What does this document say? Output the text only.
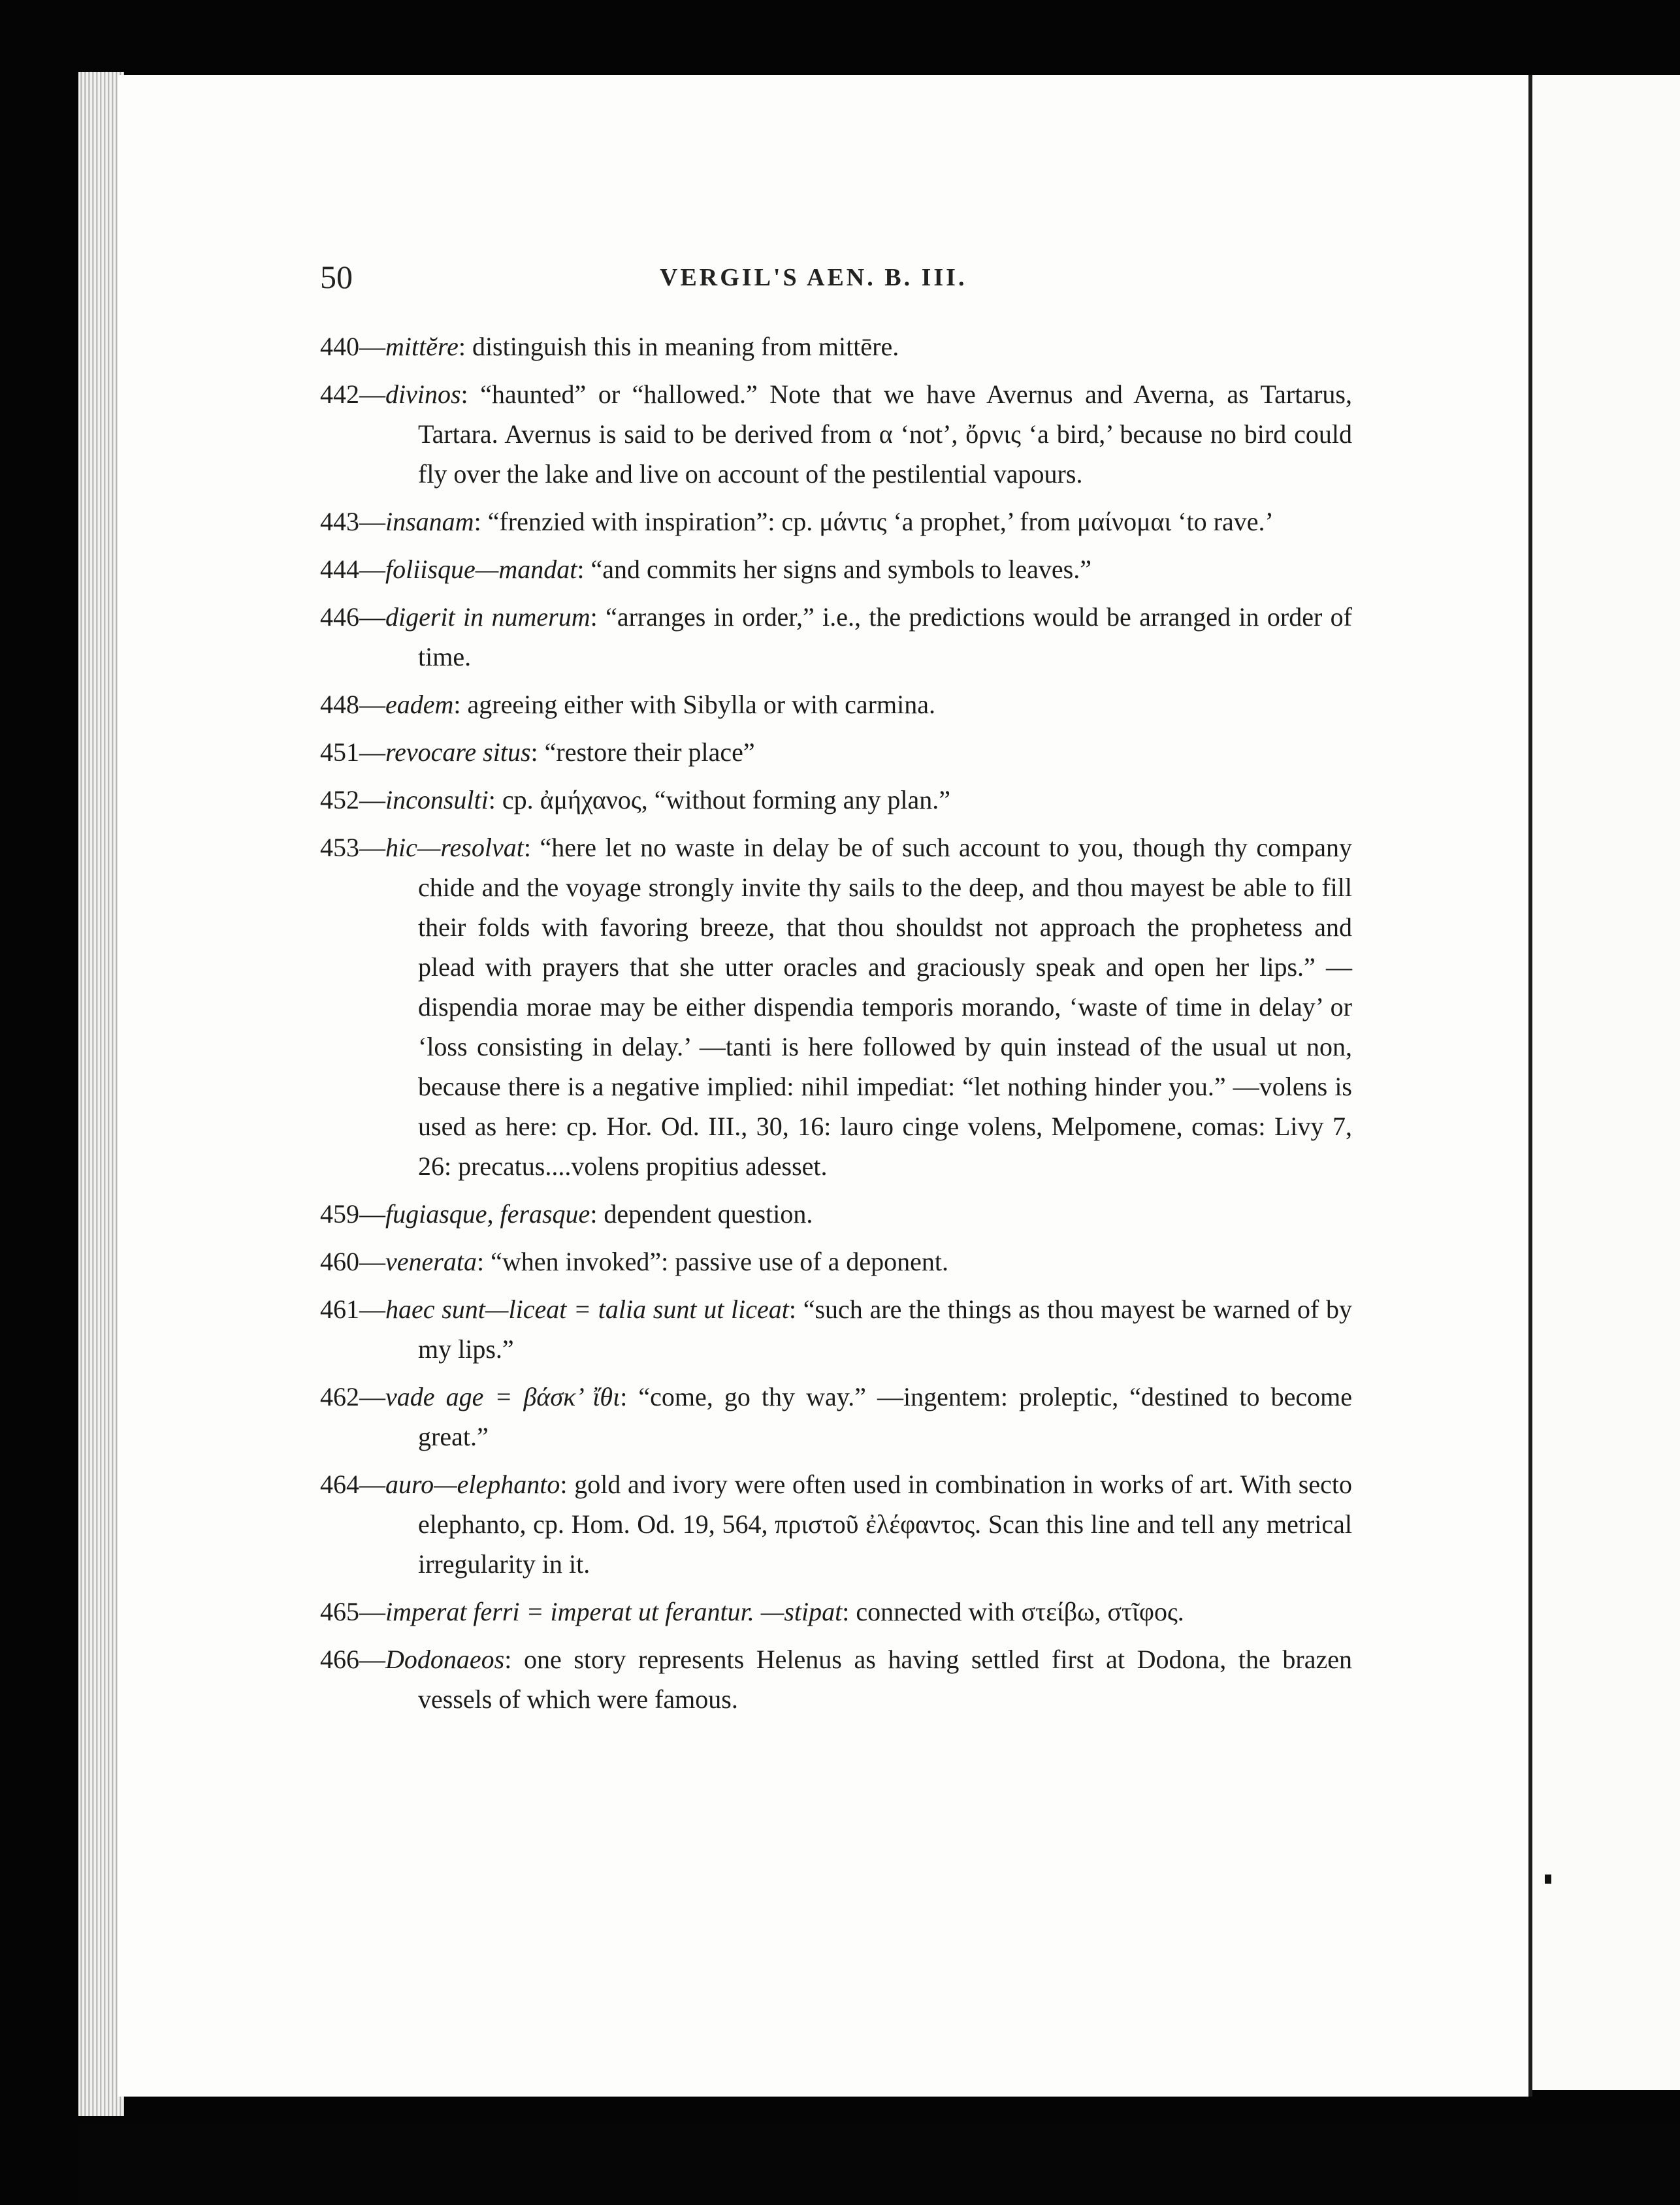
50	VERGIL'S AEN. B. III.

440—mittĕre: distinguish this in meaning from mittēre.

442—divinos: “haunted” or “hallowed.” Note that we have Avernus and Averna, as Tartarus, Tartara. Avernus is said to be derived from α ‘not’, ὄρνις ‘a bird,’ because no bird could fly over the lake and live on account of the pestilential vapours.

443—insanam: “frenzied with inspiration”: cp. μάντις ‘a prophet,’ from μαίνομαι ‘to rave.’

444—foliisque—mandat: “and commits her signs and symbols to leaves.”

446—digerit in numerum: “arranges in order,” i.e., the predictions would be arranged in order of time.

448—eadem: agreeing either with Sibylla or with carmina.

451—revocare situs: “restore their place”

452—inconsulti: cp. ἀμήχανος, “without forming any plan.”

453—hic—resolvat: “here let no waste in delay be of such account to you, though thy company chide and the voyage strongly invite thy sails to the deep, and thou mayest be able to fill their folds with favoring breeze, that thou shouldst not approach the prophetess and plead with prayers that she utter oracles and graciously speak and open her lips.” —dispendia morae may be either dispendia temporis morando, ‘waste of time in delay’ or ‘loss consisting in delay.’ —tanti is here followed by quin instead of the usual ut non, because there is a negative implied: nihil impediat: “let nothing hinder you.” —volens is used as here: cp. Hor. Od. III., 30, 16: lauro cinge volens, Melpomene, comas: Livy 7, 26: precatus....volens propitius adesset.

459—fugiasque, ferasque: dependent question.

460—venerata: “when invoked”: passive use of a deponent.

461—haec sunt—liceat = talia sunt ut liceat: “such are the things as thou mayest be warned of by my lips.”

462—vade age = βάσκ’ ἴθι: “come, go thy way.” —ingentem: proleptic, “destined to become great.”

464—auro—elephanto: gold and ivory were often used in combination in works of art. With secto elephanto, cp. Hom. Od. 19, 564, πριστοῦ ἐλέφαντος. Scan this line and tell any metrical irregularity in it.

465—imperat ferri = imperat ut ferantur. —stipat: connected with στείβω, στῖφος.

466—Dodonaeos: one story represents Helenus as having settled first at Dodona, the brazen vessels of which were famous.
